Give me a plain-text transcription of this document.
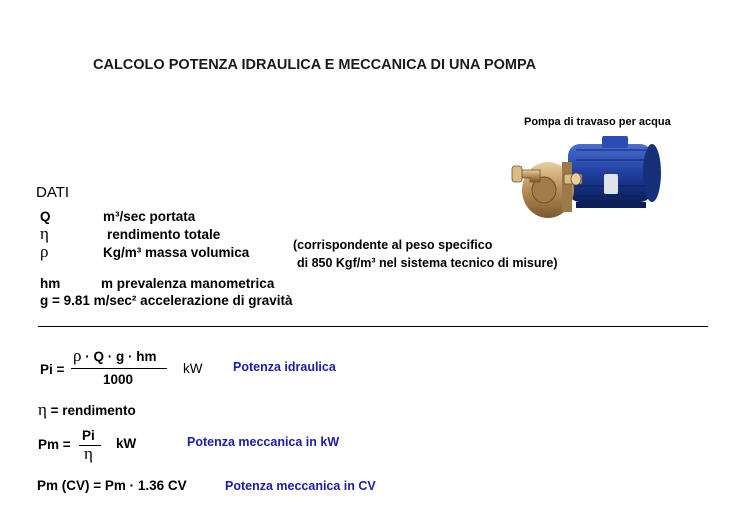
CALCOLO POTENZA IDRAULICA E MECCANICA DI UNA POMPA
Pompa di travaso per acqua
DATI
Q	m³/sec portata
η	rendimento totale
ρ	Kg/m³ massa volumica	(corrispondente al peso specifico
di 850 Kgf/m³ nel sistema tecnico di misure)
hm	m prevalenza manometrica
g = 9.81 m/sec² accelerazione di gravità
Pi =
ρ · Q · g · hm
1000
kW Potenza idraulica
η = rendimento
Pm =
Pi
η
kW	Potenza meccanica in kW
Pm (CV) = Pm · 1.36 CV	Potenza meccanica in CV
